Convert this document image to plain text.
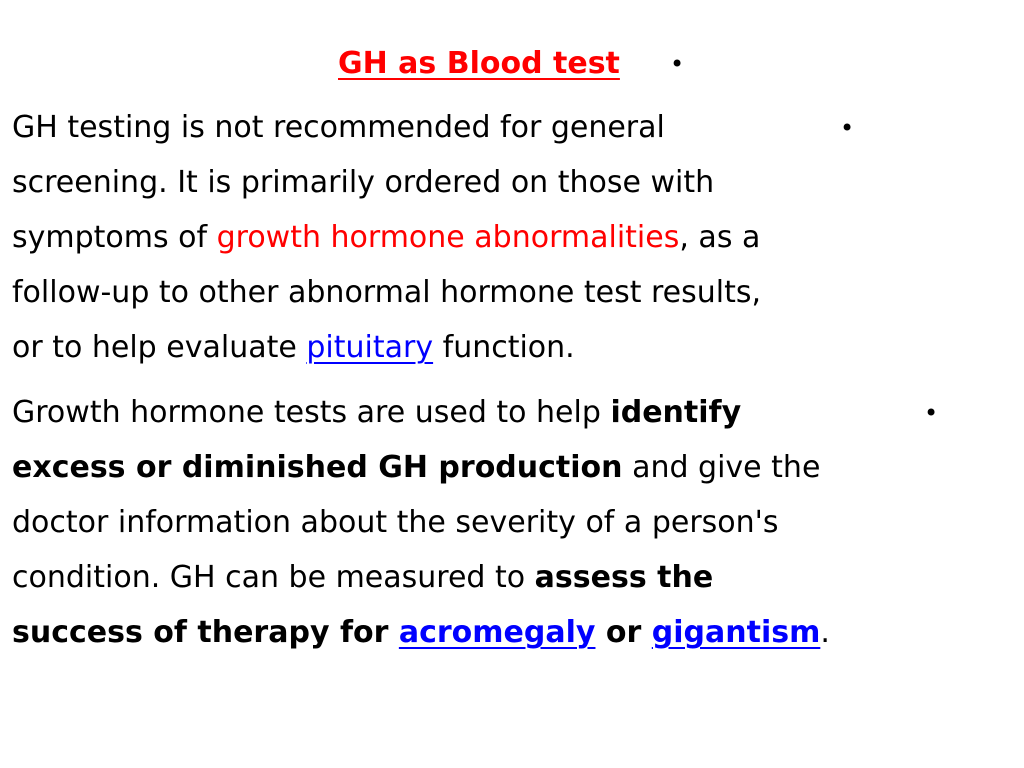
GH as Blood test •
•
GH testing is not recommended for general
screening. It is primarily ordered on those with
symptoms of growth hormone abnormalities, as a
follow-up to other abnormal hormone test results,
or to help evaluate pituitary function.
•
Growth hormone tests are used to help identify
excess or diminished GH production and give the
doctor information about the severity of a person's
condition. GH can be measured to assess the
success of therapy for acromegaly or gigantism.
